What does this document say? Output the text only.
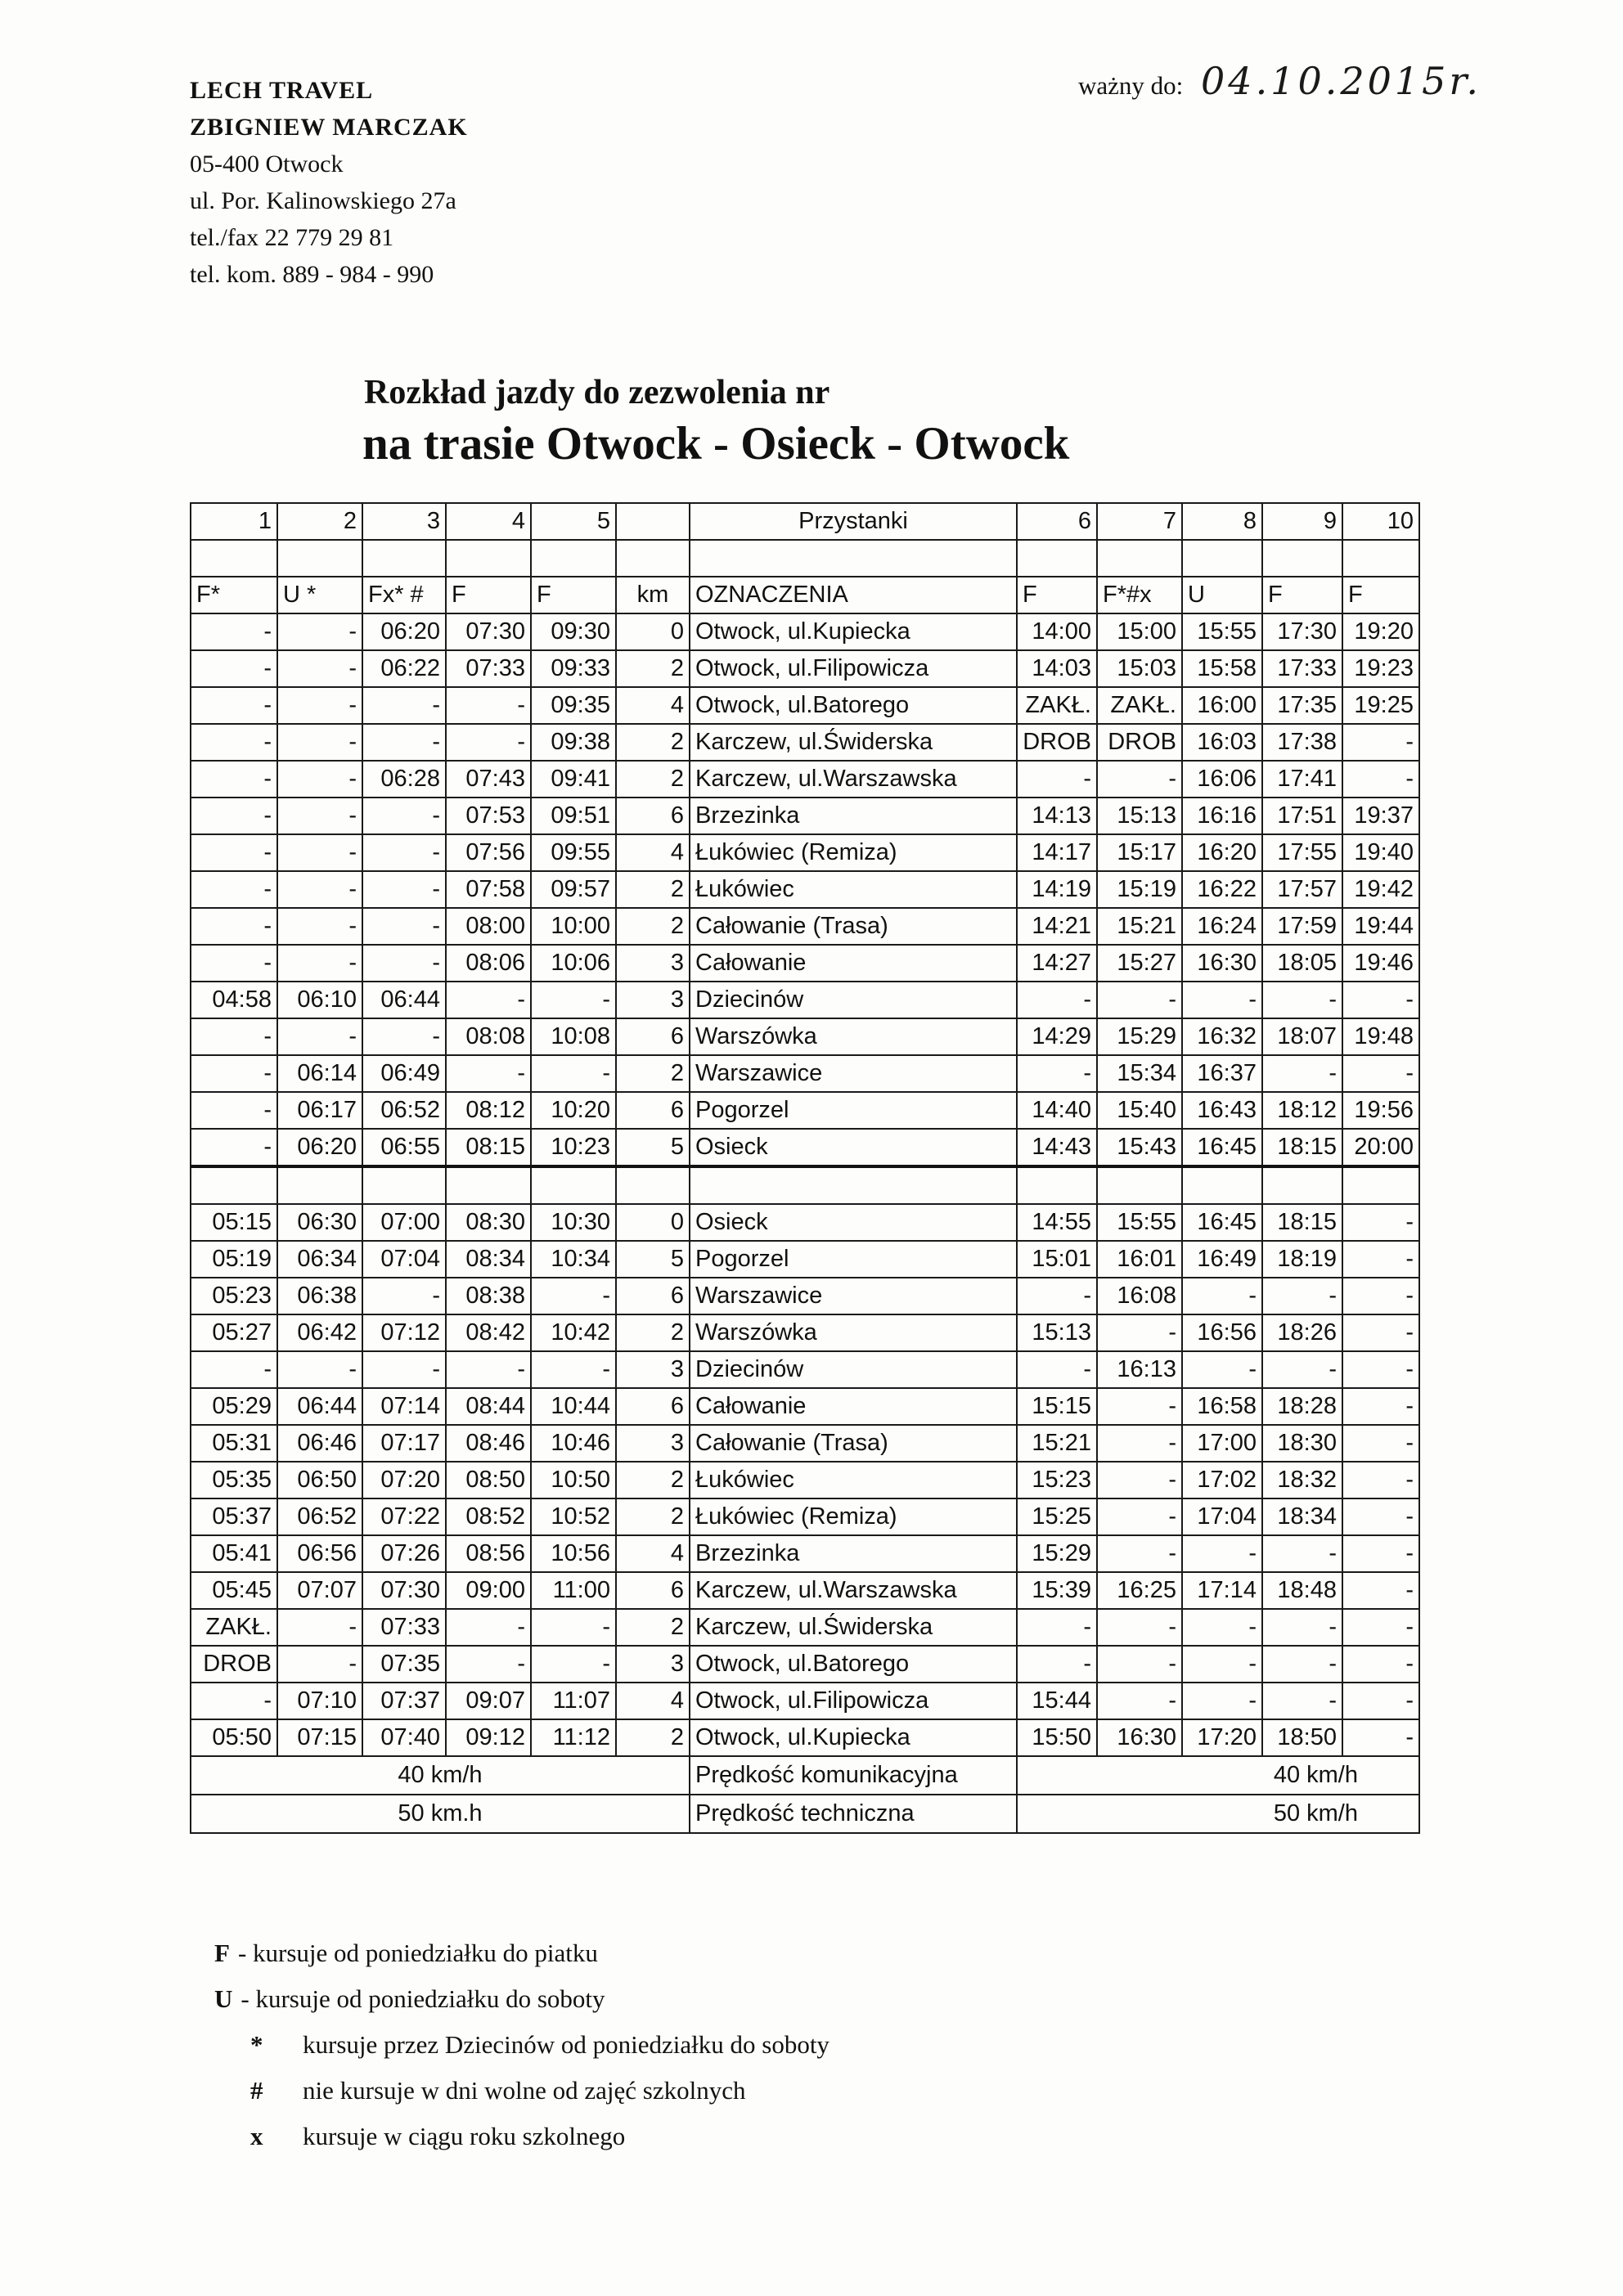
LECH TRAVEL
ZBIGNIEW MARCZAK
05-400 Otwock
ul. Por. Kalinowskiego 27a
tel./fax 22 779 29 81
tel. kom. 889 - 984 - 990
ważny do: 04.10.2015r.
Rozkład jazdy do zezwolenia nr
na trasie Otwock - Osieck - Otwock
1	2	3	4	5		Przystanki	6	7	8	9	10

F*	U *	Fx* #	F	F	km	OZNACZENIA	F	F*#x	U	F	F
-	-	06:20	07:30	09:30	0	Otwock, ul.Kupiecka	14:00	15:00	15:55	17:30	19:20
-	-	06:22	07:33	09:33	2	Otwock, ul.Filipowicza	14:03	15:03	15:58	17:33	19:23
-	-	-	-	09:35	4	Otwock, ul.Batorego	ZAKŁ.	ZAKŁ.	16:00	17:35	19:25
-	-	-	-	09:38	2	Karczew, ul.Świderska	DROB	DROB	16:03	17:38	-
-	-	06:28	07:43	09:41	2	Karczew, ul.Warszawska	-	-	16:06	17:41	-
-	-	-	07:53	09:51	6	Brzezinka	14:13	15:13	16:16	17:51	19:37
-	-	-	07:56	09:55	4	Łukówiec (Remiza)	14:17	15:17	16:20	17:55	19:40
-	-	-	07:58	09:57	2	Łukówiec	14:19	15:19	16:22	17:57	19:42
-	-	-	08:00	10:00	2	Całowanie (Trasa)	14:21	15:21	16:24	17:59	19:44
-	-	-	08:06	10:06	3	Całowanie	14:27	15:27	16:30	18:05	19:46
04:58	06:10	06:44	-	-	3	Dziecinów	-	-	-	-	-
-	-	-	08:08	10:08	6	Warszówka	14:29	15:29	16:32	18:07	19:48
-	06:14	06:49	-	-	2	Warszawice	-	15:34	16:37	-	-
-	06:17	06:52	08:12	10:20	6	Pogorzel	14:40	15:40	16:43	18:12	19:56
-	06:20	06:55	08:15	10:23	5	Osieck	14:43	15:43	16:45	18:15	20:00

05:15	06:30	07:00	08:30	10:30	0	Osieck	14:55	15:55	16:45	18:15	-
05:19	06:34	07:04	08:34	10:34	5	Pogorzel	15:01	16:01	16:49	18:19	-
05:23	06:38	-	08:38	-	6	Warszawice	-	16:08	-	-	-
05:27	06:42	07:12	08:42	10:42	2	Warszówka	15:13	-	16:56	18:26	-
-	-	-	-	-	3	Dziecinów	-	16:13	-	-	-
05:29	06:44	07:14	08:44	10:44	6	Całowanie	15:15	-	16:58	18:28	-
05:31	06:46	07:17	08:46	10:46	3	Całowanie (Trasa)	15:21	-	17:00	18:30	-
05:35	06:50	07:20	08:50	10:50	2	Łukówiec	15:23	-	17:02	18:32	-
05:37	06:52	07:22	08:52	10:52	2	Łukówiec (Remiza)	15:25	-	17:04	18:34	-
05:41	06:56	07:26	08:56	10:56	4	Brzezinka	15:29	-	-	-	-
05:45	07:07	07:30	09:00	11:00	6	Karczew, ul.Warszawska	15:39	16:25	17:14	18:48	-
ZAKŁ.	-	07:33	-	-	2	Karczew, ul.Świderska	-	-	-	-	-
DROB	-	07:35	-	-	3	Otwock, ul.Batorego	-	-	-	-	-
-	07:10	07:37	09:07	11:07	4	Otwock, ul.Filipowicza	15:44	-	-	-	-
05:50	07:15	07:40	09:12	11:12	2	Otwock, ul.Kupiecka	15:50	16:30	17:20	18:50	-
40 km/h						Prędkość komunikacyjna	40 km/h				
50 km.h						Prędkość techniczna	50 km/h				
F - kursuje od poniedziałku do piatku
U - kursuje od poniedziałku do soboty
*	kursuje przez Dziecinów od poniedziałku do soboty
#	nie kursuje w dni wolne od zajęć szkolnych
x	kursuje w ciągu roku szkolnego
